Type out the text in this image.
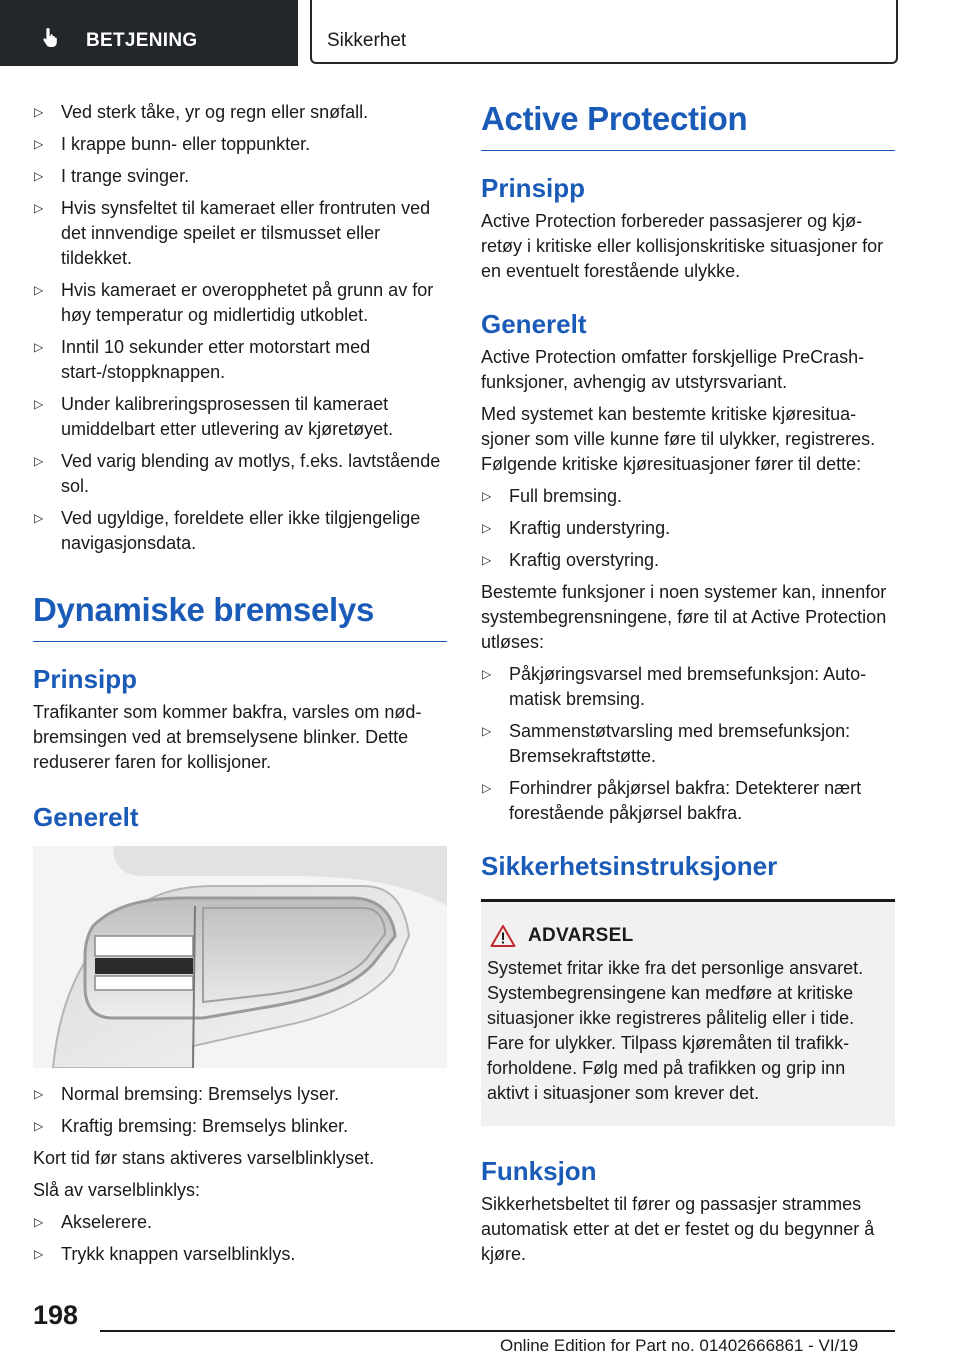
BETJENING	Sikkerhet
▷ Ved sterk tåke, yr og regn eller snøfall.
▷ I krappe bunn- eller toppunkter.
▷ I trange svinger.
▷ Hvis synsfeltet til kameraet eller frontruten ved det innvendige speilet er tilsmusset eller tildekket.
▷ Hvis kameraet er overopphetet på grunn av for høy temperatur og midlertidig utkoblet.
▷ Inntil 10 sekunder etter motorstart med start-/stoppknappen.
▷ Under kalibreringsprosessen til kameraet umiddelbart etter utlevering av kjøretøyet.
▷ Ved varig blending av motlys, f.eks. lavtstående sol.
▷ Ved ugyldige, foreldete eller ikke tilgjengelige navigasjonsdata.
Dynamiske bremselys
Prinsipp
Trafikanter som kommer bakfra, varsles om nødbremsingen ved at bremselysene blinker. Dette reduserer faren for kollisjoner.
Generelt
▷ Normal bremsing: Bremselys lyser.
▷ Kraftig bremsing: Bremselys blinker.
Kort tid før stans aktiveres varselblinklyset.
Slå av varselblinklys:
▷ Akselerere.
▷ Trykk knappen varselblinklys.
Active Protection
Prinsipp
Active Protection forbereder passasjerer og kjøretøy i kritiske eller kollisjonskritiske situasjoner for en eventuelt forestående ulykke.
Generelt
Active Protection omfatter forskjellige PreCrash-funksjoner, avhengig av utstyrsvariant.
Med systemet kan bestemte kritiske kjøresituasjoner som ville kunne føre til ulykker, registreres. Følgende kritiske kjøresituasjoner fører til dette:
▷ Full bremsing.
▷ Kraftig understyring.
▷ Kraftig overstyring.
Bestemte funksjoner i noen systemer kan, innenfor systembegrensningene, føre til at Active Protection utløses:
▷ Påkjøringsvarsel med bremsefunksjon: Automatisk bremsing.
▷ Sammenstøtvarsling med bremsefunksjon: Bremsekraftstøtte.
▷ Forhindrer påkjørsel bakfra: Detekterer nært forestående påkjørsel bakfra.
Sikkerhetsinstruksjoner
ADVARSEL
Systemet fritar ikke fra det personlige ansvaret. Systembegrensingene kan medføre at kritiske situasjoner ikke registreres pålitelig eller i tide. Fare for ulykker. Tilpass kjøremåten til trafikkforholdene. Følg med på trafikken og grip inn aktivt i situasjoner som krever det.
Funksjon
Sikkerhetsbeltet til fører og passasjer strammes automatisk etter at det er festet og du begynner å kjøre.
198
Online Edition for Part no. 01402666861 - VI/19
